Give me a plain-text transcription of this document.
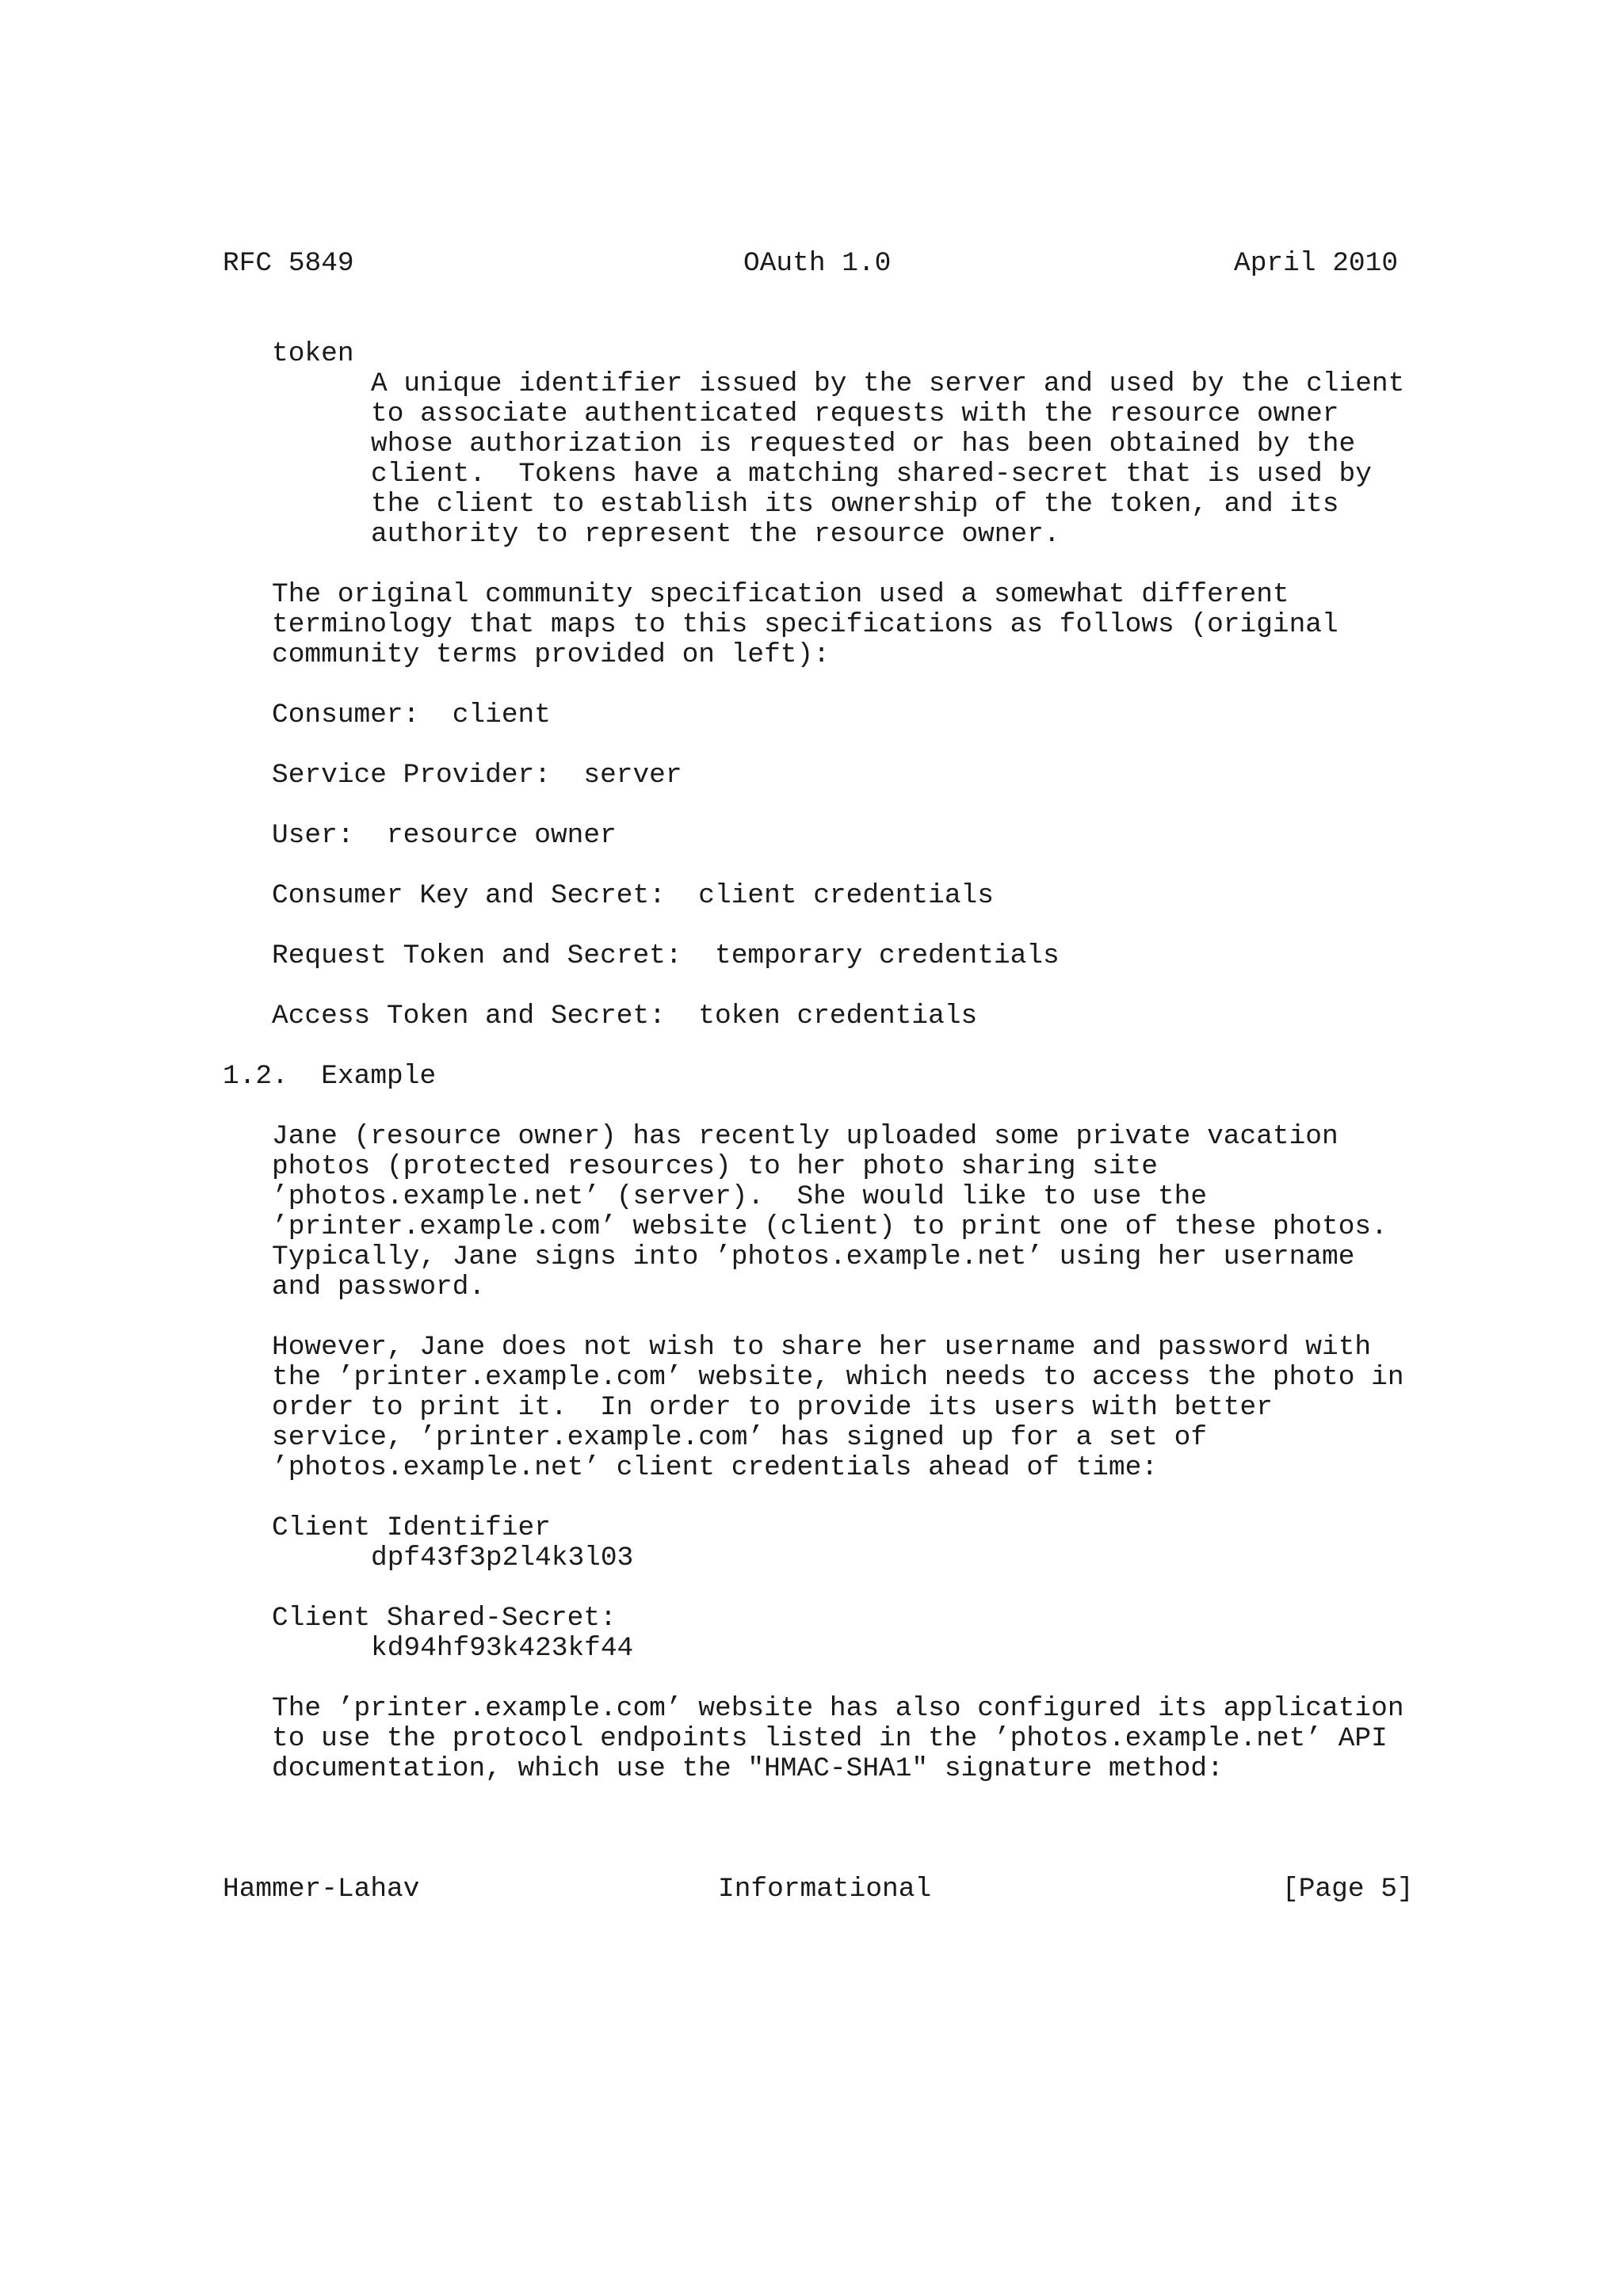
RFC 5849	OAuth 1.0	April 2010
token
A unique identifier issued by the server and used by the client
to associate authenticated requests with the resource owner
whose authorization is requested or has been obtained by the
client.  Tokens have a matching shared-secret that is used by
the client to establish its ownership of the token, and its
authority to represent the resource owner.
The original community specification used a somewhat different
terminology that maps to this specifications as follows (original
community terms provided on left):
Consumer:  client
Service Provider:  server
User:  resource owner
Consumer Key and Secret:  client credentials
Request Token and Secret:  temporary credentials
Access Token and Secret:  token credentials
1.2.  Example
Jane (resource owner) has recently uploaded some private vacation
photos (protected resources) to her photo sharing site
’photos.example.net’ (server).  She would like to use the
’printer.example.com’ website (client) to print one of these photos.
Typically, Jane signs into ’photos.example.net’ using her username
and password.
However, Jane does not wish to share her username and password with
the ’printer.example.com’ website, which needs to access the photo in
order to print it.  In order to provide its users with better
service, ’printer.example.com’ has signed up for a set of
’photos.example.net’ client credentials ahead of time:
Client Identifier
dpf43f3p2l4k3l03
Client Shared-Secret:
kd94hf93k423kf44
The ’printer.example.com’ website has also configured its application
to use the protocol endpoints listed in the ’photos.example.net’ API
documentation, which use the "HMAC-SHA1" signature method:
Hammer-Lahav	Informational	[Page 5]
